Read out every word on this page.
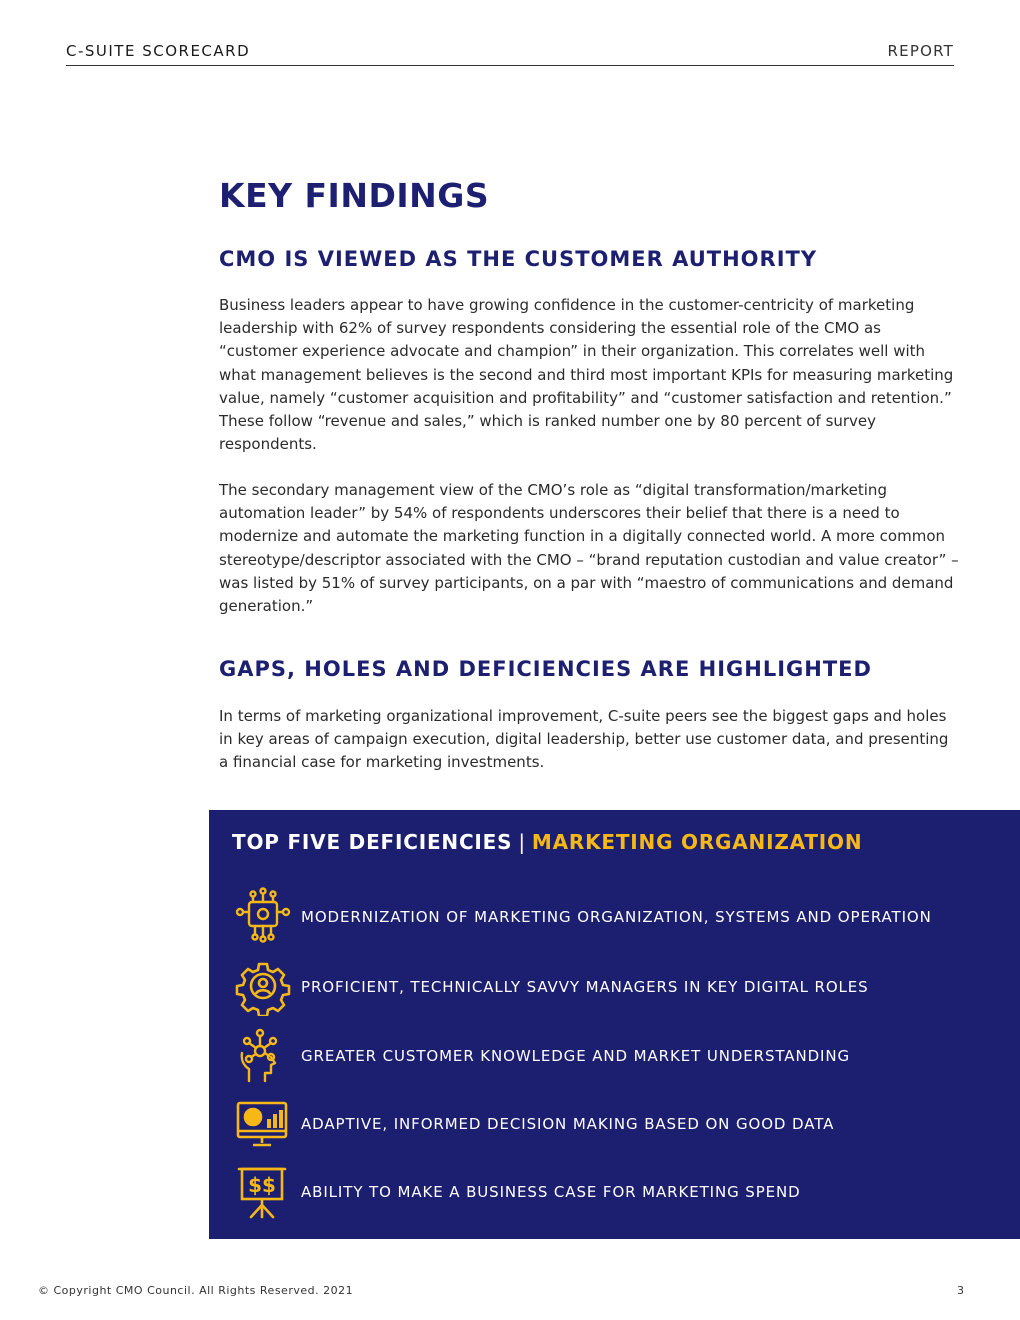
C-SUITE SCORECARD	REPORT
KEY FINDINGS
CMO IS VIEWED AS THE CUSTOMER AUTHORITY

Business leaders appear to have growing confidence in the customer-centricity of marketing leadership with 62% of survey respondents considering the essential role of the CMO as “customer experience advocate and champion” in their organization. This correlates well with what management believes is the second and third most important KPIs for measuring marketing value, namely “customer acquisition and profitability” and “customer satisfaction and retention.” These follow “revenue and sales,” which is ranked number one by 80 percent of survey respondents.

The secondary management view of the CMO’s role as “digital transformation/marketing automation leader” by 54% of respondents underscores their belief that there is a need to modernize and automate the marketing function in a digitally connected world. A more common stereotype/descriptor associated with the CMO – “brand reputation custodian and value creator” – was listed by 51% of survey participants, on a par with “maestro of communications and demand generation.”

GAPS, HOLES AND DEFICIENCIES ARE HIGHLIGHTED

In terms of marketing organizational improvement, C-suite peers see the biggest gaps and holes in key areas of campaign execution, digital leadership, better use customer data, and presenting a financial case for marketing investments.

TOP FIVE DEFICIENCIES | MARKETING ORGANIZATION
MODERNIZATION OF MARKETING ORGANIZATION, SYSTEMS AND OPERATION
PROFICIENT, TECHNICALLY SAVVY MANAGERS IN KEY DIGITAL ROLES
GREATER CUSTOMER KNOWLEDGE AND MARKET UNDERSTANDING
ADAPTIVE, INFORMED DECISION MAKING BASED ON GOOD DATA
$$ ABILITY TO MAKE A BUSINESS CASE FOR MARKETING SPEND
© Copyright CMO Council. All Rights Reserved. 2021	3
